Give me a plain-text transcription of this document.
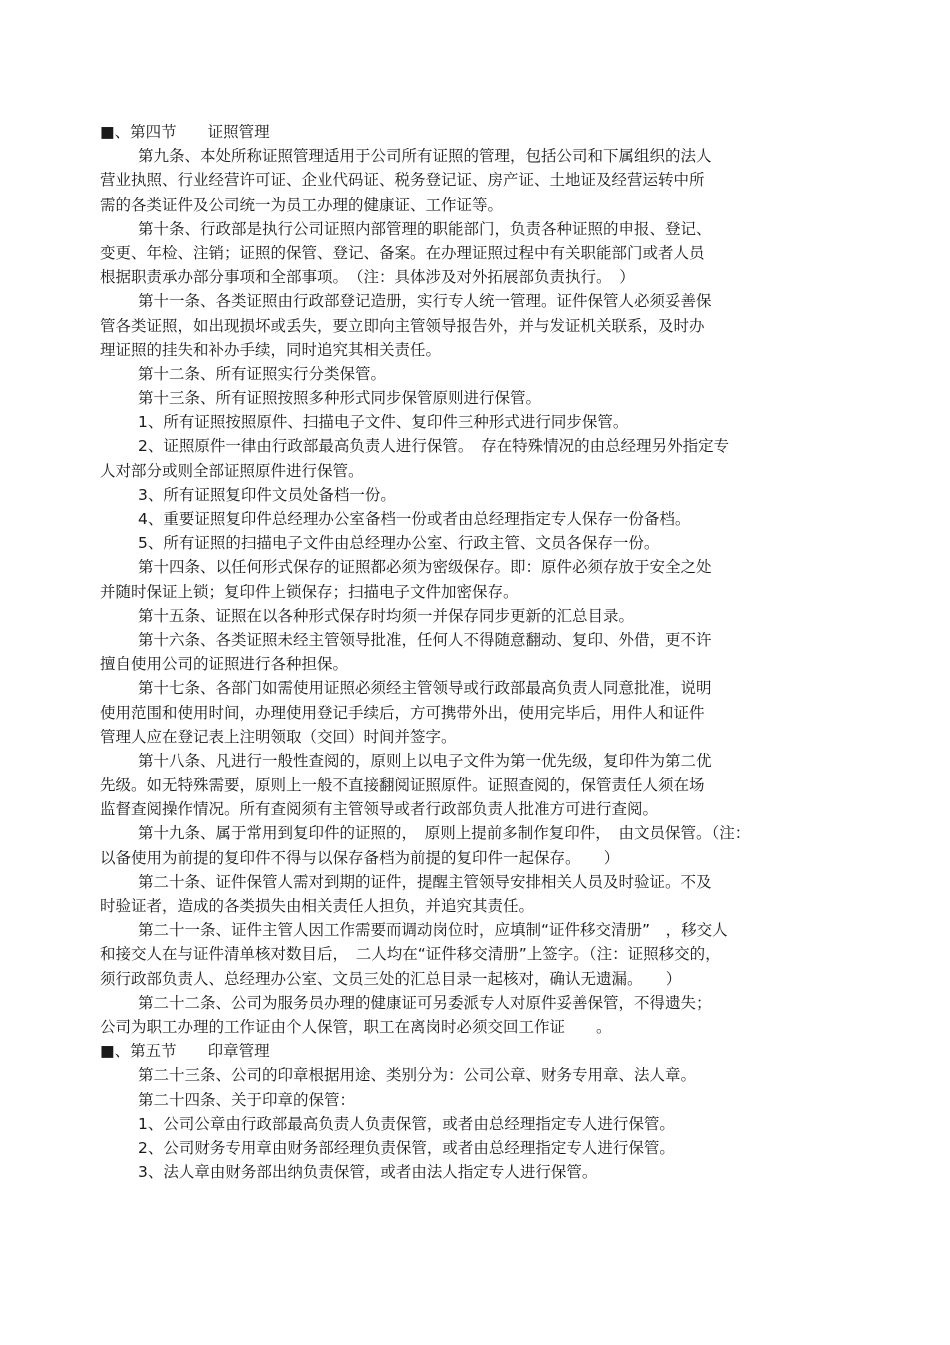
■、第四节　　证照管理
第九条、本处所称证照管理适用于公司所有证照的管理，包括公司和下属组织的法人
营业执照、行业经营许可证、企业代码证、税务登记证、房产证、土地证及经营运转中所
需的各类证件及公司统一为员工办理的健康证、工作证等。
第十条、行政部是执行公司证照内部管理的职能部门，负责各种证照的申报、登记、
变更、年检、注销；证照的保管、登记、备案。在办理证照过程中有关职能部门或者人员
根据职责承办部分事项和全部事项。　（注：具体涉及对外拓展部负责执行。　）
第十一条、各类证照由行政部登记造册，实行专人统一管理。证件保管人必须妥善保
管各类证照，如出现损坏或丢失，要立即向主管领导报告外，并与发证机关联系，及时办
理证照的挂失和补办手续，同时追究其相关责任。
第十二条、所有证照实行分类保管。
第十三条、所有证照按照多种形式同步保管原则进行保管。
1、所有证照按照原件、扫描电子文件、复印件三种形式进行同步保管。
2、证照原件一律由行政部最高负责人进行保管。　存在特殊情况的由总经理另外指定专
人对部分或则全部证照原件进行保管。
3、所有证照复印件文员处备档一份。
4、重要证照复印件总经理办公室备档一份或者由总经理指定专人保存一份备档。
5、所有证照的扫描电子文件由总经理办公室、行政主管、文员各保存一份。
第十四条、以任何形式保存的证照都必须为密级保存。即：原件必须存放于安全之处
并随时保证上锁；复印件上锁保存；扫描电子文件加密保存。
第十五条、证照在以各种形式保存时均须一并保存同步更新的汇总目录。
第十六条、各类证照未经主管领导批准，任何人不得随意翻动、复印、外借，更不许
擅自使用公司的证照进行各种担保。
第十七条、各部门如需使用证照必须经主管领导或行政部最高负责人同意批准，说明
使用范围和使用时间，办理使用登记手续后，方可携带外出，使用完毕后，用件人和证件
管理人应在登记表上注明领取（交回）时间并签字。
第十八条、凡进行一般性查阅的，原则上以电子文件为第一优先级，复印件为第二优
先级。如无特殊需要，原则上一般不直接翻阅证照原件。证照查阅的，保管责任人须在场
监督查阅操作情况。所有查阅须有主管领导或者行政部负责人批准方可进行查阅。
第十九条、属于常用到复印件的证照的，　原则上提前多制作复印件，　由文员保管。（注：
以备使用为前提的复印件不得与以保存备档为前提的复印件一起保存。　　）
第二十条、证件保管人需对到期的证件，提醒主管领导安排相关人员及时验证。不及
时验证者，造成的各类损失由相关责任人担负，并追究其责任。
第二十一条、证件主管人因工作需要而调动岗位时，应填制“证件移交清册”　，移交人
和接交人在与证件清单核对数目后，　二人均在“证件移交清册”上签字。（注：证照移交的，
须行政部负责人、总经理办公室、文员三处的汇总目录一起核对，确认无遗漏。　　）
第二十二条、公司为服务员办理的健康证可另委派专人对原件妥善保管，不得遗失；
公司为职工办理的工作证由个人保管，职工在离岗时必须交回工作证　　。
■、第五节　　印章管理
第二十三条、公司的印章根据用途、类别分为：公司公章、财务专用章、法人章。
第二十四条、关于印章的保管：
1、公司公章由行政部最高负责人负责保管，或者由总经理指定专人进行保管。
2、公司财务专用章由财务部经理负责保管，或者由总经理指定专人进行保管。
3、法人章由财务部出纳负责保管，或者由法人指定专人进行保管。
